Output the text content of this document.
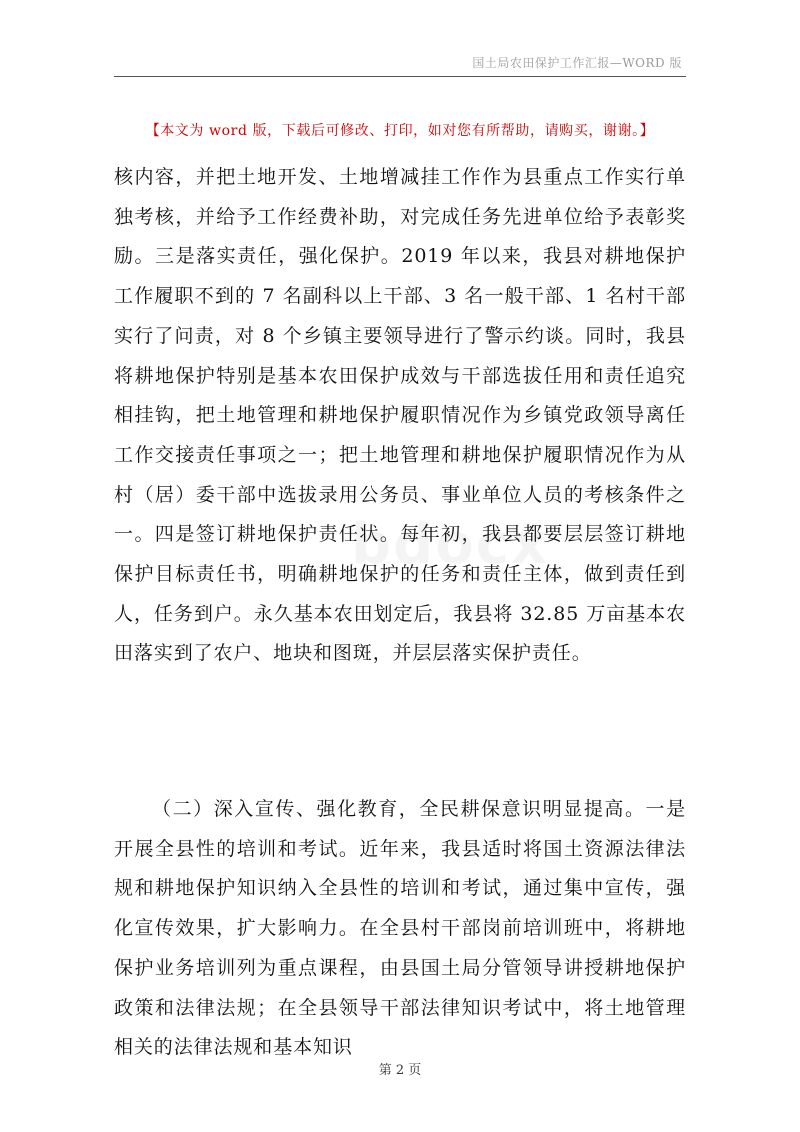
国土局农田保护工作汇报—WORD 版
【本文为 word 版，下载后可修改、打印，如对您有所帮助，请购买，谢谢。】

核内容，并把土地开发、土地增减挂工作作为县重点工作实行单独考核，并给予工作经费补助，对完成任务先进单位给予表彰奖励。三是落实责任，强化保护。2019 年以来，我县对耕地保护工作履职不到的 7 名副科以上干部、3 名一般干部、1 名村干部实行了问责，对 8 个乡镇主要领导进行了警示约谈。同时，我县将耕地保护特别是基本农田保护成效与干部选拔任用和责任追究相挂钩，把土地管理和耕地保护履职情况作为乡镇党政领导离任工作交接责任事项之一；把土地管理和耕地保护履职情况作为从村（居）委干部中选拔录用公务员、事业单位人员的考核条件之一。四是签订耕地保护责任状。每年初，我县都要层层签订耕地保护目标责任书，明确耕地保护的任务和责任主体，做到责任到人，任务到户。永久基本农田划定后，我县将 32.85 万亩基本农田落实到了农户、地块和图斑，并层层落实保护责任。

（二）深入宣传、强化教育，全民耕保意识明显提高。一是开展全县性的培训和考试。近年来，我县适时将国土资源法律法规和耕地保护知识纳入全县性的培训和考试，通过集中宣传，强化宣传效果，扩大影响力。在全县村干部岗前培训班中，将耕地保护业务培训列为重点课程，由县国土局分管领导讲授耕地保护政策和法律法规；在全县领导干部法律知识考试中，将土地管理相关的法律法规和基本知识

第 2 页
